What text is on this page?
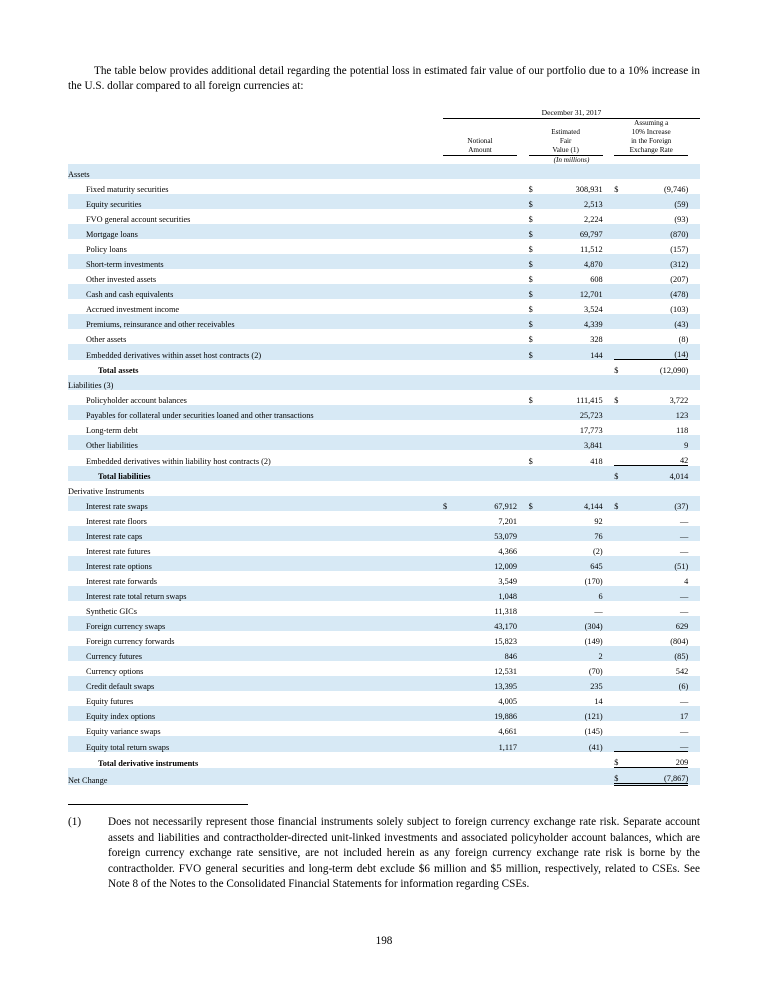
The table below provides additional detail regarding the potential loss in estimated fair value of our portfolio due to a 10% increase in the U.S. dollar compared to all foreign currencies at:

	December 31, 2017								

Notional
Amount

Estimated
Fair
Value (1)

Assuming a
10% Increase
in the Foreign
Exchange Rate

	(In millions)								
Assets									
Fixed maturity securities				$	308,931		$	(9,746)	
Equity securities				$	2,513			(59)	
FVO general account securities				$	2,224			(93)	
Mortgage loans				$	69,797			(870)	
Policy loans				$	11,512			(157)	
Short-term investments				$	4,870			(312)	
Other invested assets				$	608			(207)	
Cash and cash equivalents				$	12,701			(478)	
Accrued investment income				$	3,524			(103)	
Premiums, reinsurance and other receivables				$	4,339			(43)	
Other assets				$	328			(8)	
Embedded derivatives within asset host contracts (2)				$	144			(14)	
Total assets							$	(12,090)	
Liabilities (3)									
Policyholder account balances				$	111,415		$	3,722	
Payables for collateral under securities loaned and other transactions					25,723			123	
Long-term debt					17,773			118	
Other liabilities					3,841			9	
Embedded derivatives within liability host contracts (2)				$	418			42	
Total liabilities							$	4,014	
Derivative Instruments									
Interest rate swaps	$	67,912		$	4,144		$	(37)	
Interest rate floors		7,201			92			—	
Interest rate caps		53,079			76			—	
Interest rate futures		4,366			(2)			—	
Interest rate options		12,009			645			(51)	
Interest rate forwards		3,549			(170)			4	
Interest rate total return swaps		1,048			6			—	
Synthetic GICs		11,318			—			—	
Foreign currency swaps		43,170			(304)			629	
Foreign currency forwards		15,823			(149)			(804)	
Currency futures		846			2			(85)	
Currency options		12,531			(70)			542	
Credit default swaps		13,395			235			(6)	
Equity futures		4,005			14			—	
Equity index options		19,886			(121)			17	
Equity variance swaps		4,661			(145)			—	
Equity total return swaps		1,117			(41)			—	
Total derivative instruments							$	209	
Net Change							$	(7,867)	
(1)	Does not necessarily represent those financial instruments solely subject to foreign currency exchange rate risk. Separate account assets and liabilities and contractholder-directed unit-linked investments and associated policyholder account balances, which are foreign currency exchange rate sensitive, are not included herein as any foreign currency exchange rate risk is borne by the contractholder. FVO general securities and long-term debt exclude $6 million and $5 million, respectively, related to CSEs. See Note 8 of the Notes to the Consolidated Financial Statements for information regarding CSEs.
198
